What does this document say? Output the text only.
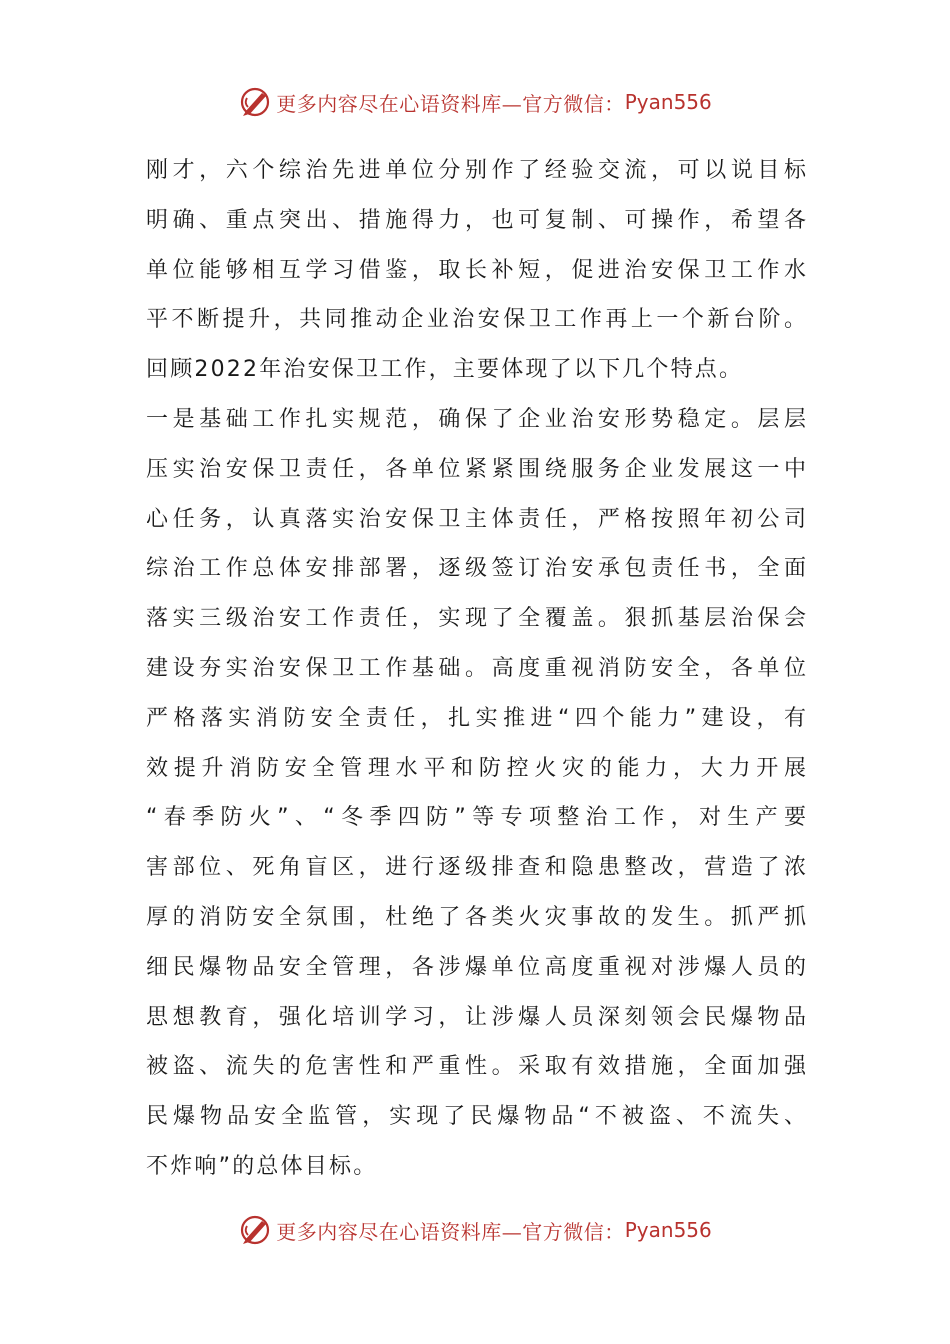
更多内容尽在心语资料库—官方微信： Pyan556
刚才，六个综治先进单位分别作了经验交流，可以说目标
明确、重点突出、措施得力，也可复制、可操作，希望各
单位能够相互学习借鉴，取长补短，促进治安保卫工作水
平不断提升，共同推动企业治安保卫工作再上一个新台阶。
回顾2022年治安保卫工作，主要体现了以下几个特点。
一是基础工作扎实规范，确保了企业治安形势稳定。层层
压实治安保卫责任，各单位紧紧围绕服务企业发展这一中
心任务，认真落实治安保卫主体责任，严格按照年初公司
综治工作总体安排部署，逐级签订治安承包责任书，全面
落实三级治安工作责任，实现了全覆盖。狠抓基层治保会
建设夯实治安保卫工作基础。高度重视消防安全，各单位
严格落实消防安全责任，扎实推进“四个能力”建设，有
效提升消防安全管理水平和防控火灾的能力，大力开展
“春季防火”、“冬季四防”等专项整治工作，对生产要
害部位、死角盲区，进行逐级排查和隐患整改，营造了浓
厚的消防安全氛围，杜绝了各类火灾事故的发生。抓严抓
细民爆物品安全管理，各涉爆单位高度重视对涉爆人员的
思想教育，强化培训学习，让涉爆人员深刻领会民爆物品
被盗、流失的危害性和严重性。采取有效措施，全面加强
民爆物品安全监管，实现了民爆物品“不被盗、不流失、
不炸响”的总体目标。
更多内容尽在心语资料库—官方微信： Pyan556
